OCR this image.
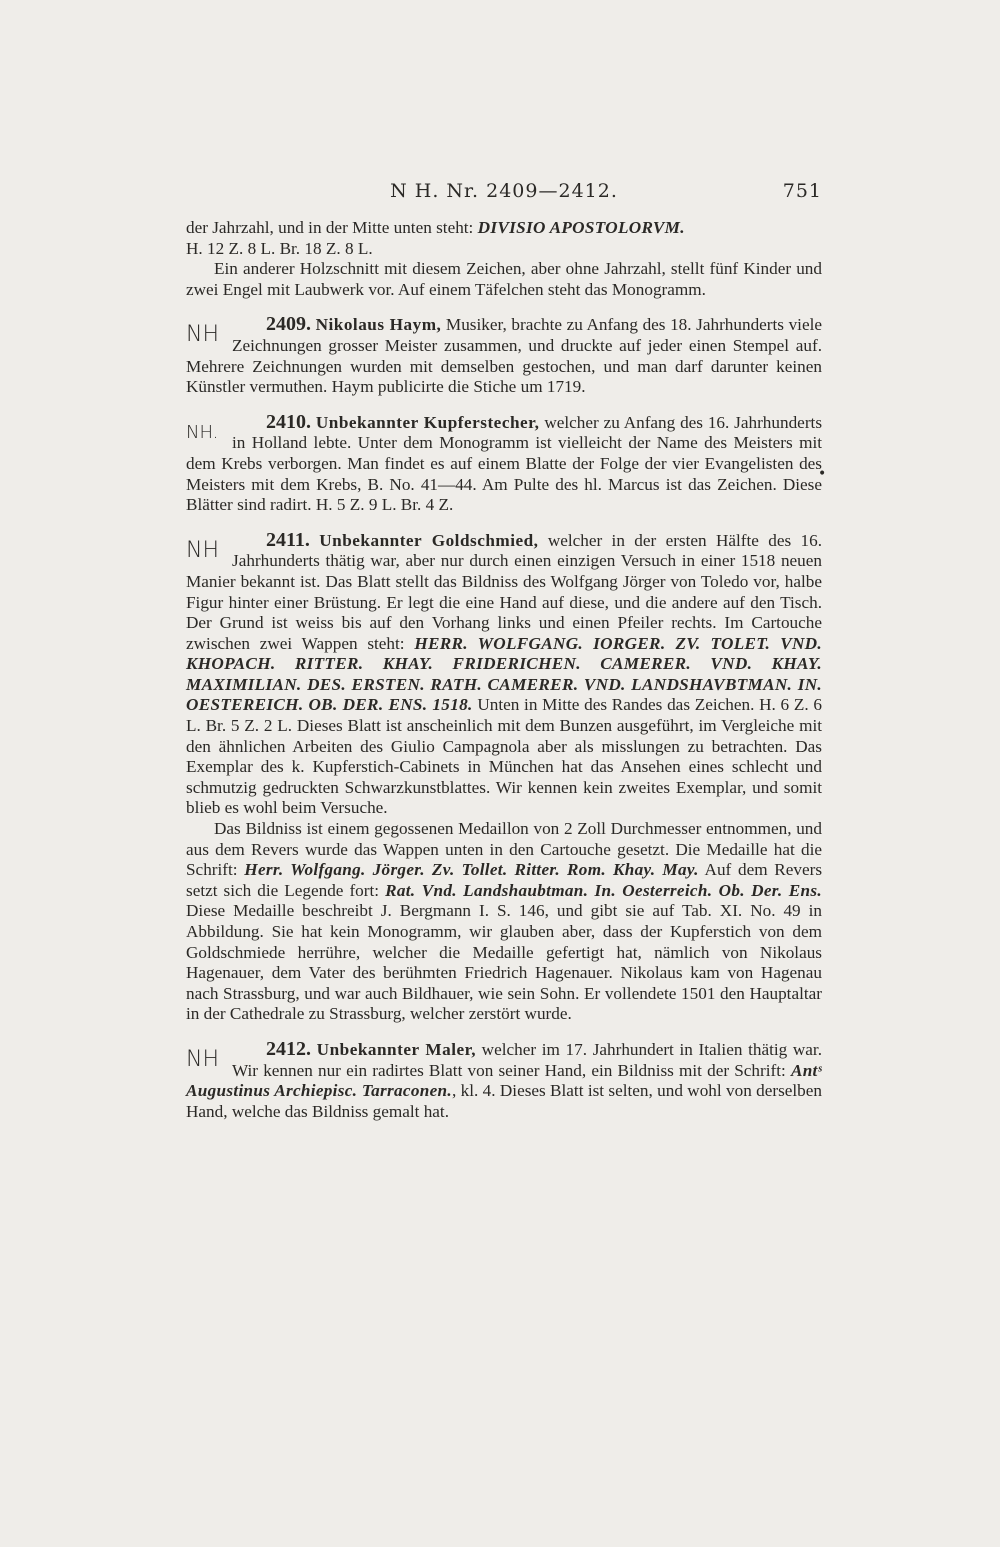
N H. Nr. 2409—2412.	751
•

der Jahrzahl, und in der Mitte unten steht: DIVISIO APOSTOLORVM.
H. 12 Z. 8 L. Br. 18 Z. 8 L.

Ein anderer Holzschnitt mit diesem Zeichen, aber ohne Jahrzahl, stellt fünf Kinder und zwei Engel mit Laubwerk vor. Auf einem Täfelchen steht das Monogramm.

2409. Nikolaus Haym,
NH	Musiker, brachte zu Anfang des 18. Jahrhunderts viele Zeichnungen grosser Meister zusammen, und druckte auf jeder einen Stempel auf. Mehrere Zeichnungen wurden mit demselben gestochen, und man darf darunter keinen Künstler vermuthen. Haym publicirte die Stiche um 1719.

2410. Unbekannter Kupferstecher,
NH.	welcher zu Anfang des 16. Jahrhunderts in Holland lebte. Unter dem Monogramm ist vielleicht der Name des Meisters mit dem Krebs verborgen. Man findet es auf einem Blatte der Folge der vier Evangelisten des Meisters mit dem Krebs, B. No. 41—44. Am Pulte des hl. Marcus ist das Zeichen. Diese Blätter sind radirt. H. 5 Z. 9 L. Br. 4 Z.

2411. Unbekannter Goldschmied,
NH	welcher in der ersten Hälfte des 16. Jahrhunderts thätig war, aber nur durch einen einzigen Versuch in einer 1518 neuen Manier bekannt ist. Das Blatt stellt das Bildniss des Wolfgang Jörger von Toledo vor, halbe Figur hinter einer Brüstung. Er legt die eine Hand auf diese, und die andere auf den Tisch. Der Grund ist weiss bis auf den Vorhang links und einen Pfeiler rechts. Im Cartouche zwischen zwei Wappen steht: HERR. WOLFGANG. IORGER. ZV. TOLET. VND. KHOPACH. RITTER. KHAY. FRIDERICHEN. CAMERER. VND. KHAY. MAXIMILIAN. DES. ERSTEN. RATH. CAMERER. VND. LANDSHAVBTMAN. IN. OESTEREICH. OB. DER. ENS. 1518. Unten in Mitte des Randes das Zeichen. H. 6 Z. 6 L. Br. 5 Z. 2 L. Dieses Blatt ist anscheinlich mit dem Bunzen ausgeführt, im Vergleiche mit den ähnlichen Arbeiten des Giulio Campagnola aber als misslungen zu betrachten. Das Exemplar des k. Kupferstich-Cabinets in München hat das Ansehen eines schlecht und schmutzig gedruckten Schwarzkunstblattes. Wir kennen kein zweites Exemplar, und somit blieb es wohl beim Versuche.

Das Bildniss ist einem gegossenen Medaillon von 2 Zoll Durchmesser entnommen, und aus dem Revers wurde das Wappen unten in den Cartouche gesetzt. Die Medaille hat die Schrift: Herr. Wolfgang. Jörger. Zv. Tollet. Ritter. Rom. Khay. May. Auf dem Revers setzt sich die Legende fort: Rat. Vnd. Landshaubtman. In. Oesterreich. Ob. Der. Ens. Diese Medaille beschreibt J. Bergmann I. S. 146, und gibt sie auf Tab. XI. No. 49 in Abbildung. Sie hat kein Monogramm, wir glauben aber, dass der Kupferstich von dem Goldschmiede herrühre, welcher die Medaille gefertigt hat, nämlich von Nikolaus Hagenauer, dem Vater des berühmten Friedrich Hagenauer. Nikolaus kam von Hagenau nach Strassburg, und war auch Bildhauer, wie sein Sohn. Er vollendete 1501 den Hauptaltar in der Cathedrale zu Strassburg, welcher zerstört wurde.

2412. Unbekannter Maler,
NH	welcher im 17. Jahrhundert in Italien thätig war. Wir kennen nur ein radirtes Blatt von seiner Hand, ein Bildniss mit der Schrift: Antˢ Augustinus Archiepisc. Tarraconen., kl. 4. Dieses Blatt ist selten, und wohl von derselben Hand, welche das Bildniss gemalt hat.
